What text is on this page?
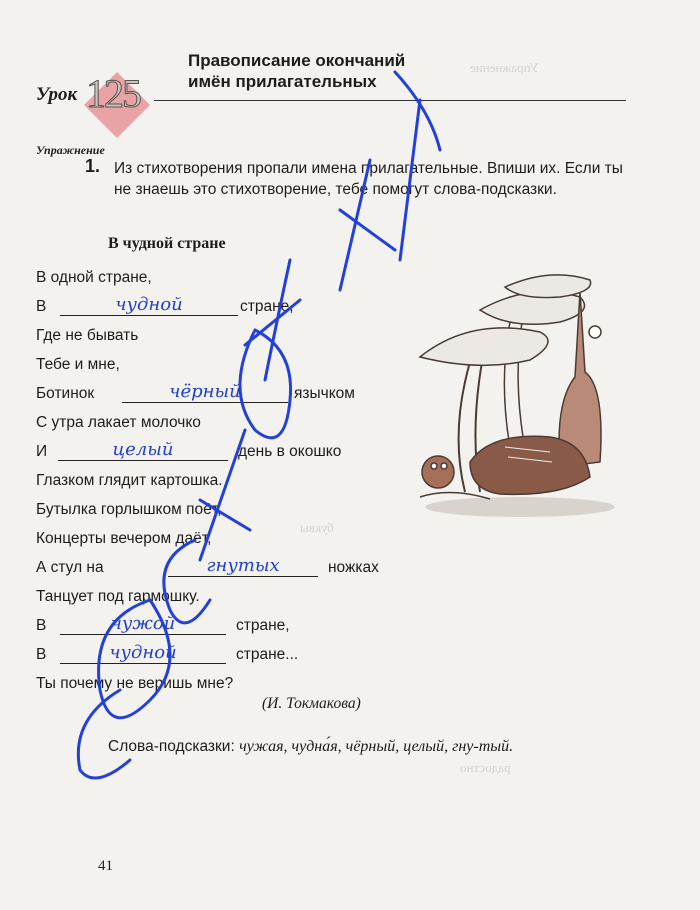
Упражнение
буквы
радостно
Урок 125
Правописание окончаний
имён прилагательных
Упражнение
1. Из стихотворения пропали имена прилагательные. Впиши их. Если ты не знаешь это стихотворение, тебе помогут слова-подсказки.
В чудной стране
В одной стране,
В	чудной	стране,
Где не бывать
Тебе и мне,
Ботинок	чёрный	язычком
С утра лакает молочко
И	целый	день в окошко
Глазком глядит картошка.
Бутылка горлышком поёт,
Концерты вечером даёт,
А стул на	гнутых	ножках
Танцует под гармошку.
В	чужой	стране,
В	чудной	стране...
Ты почему не веришь мне?
(И. Токмакова)
Слова-подсказки: чужая, чудна́я, чёрный, целый, гну-тый.
41
